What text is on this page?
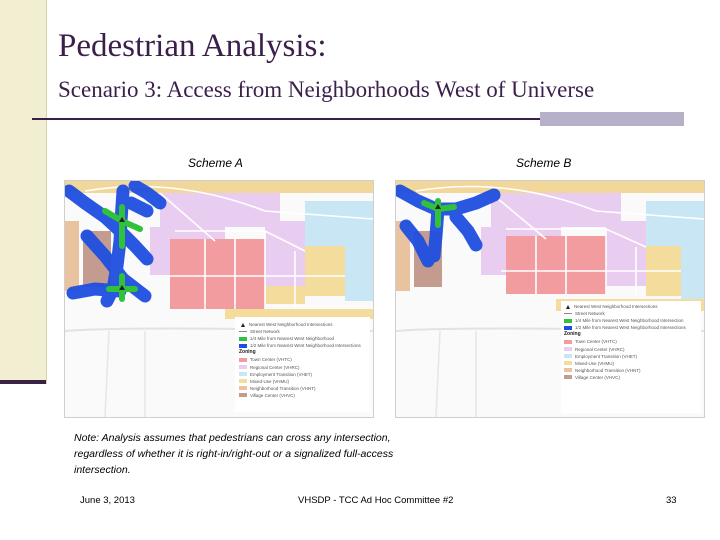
Pedestrian Analysis:
Scenario 3: Access from Neighborhoods West of Universe
Scheme A	Scheme B
Nearest West Neighborhood Intersections
Street Network
1/4 Mile from Nearest West Neighborhood
1/2 Mile from Nearest West Neighborhood Intersections
Zoning
Town Center (VHTC)
Regional Center (VHRC)
Employment Transition (VHET)
Mixed-Use (VHMU)
Neighborhood Transition (VHNT)
Village Center (VHVC)
Nearest West Neighborhood Intersections
Street Network
1/4 Mile from Nearest West Neighborhood Intersection
1/2 Mile from Nearest West Neighborhood Intersections
Zoning
Town Center (VHTC)
Regional Center (VHRC)
Employment Transition (VHET)
Mixed-Use (VHMU)
Neighborhood Transition (VHNT)
Village Center (VHVC)
Note: Analysis assumes that pedestrians can cross any intersection, regardless of whether it is right-in/right-out or a signalized full-access intersection.
June 3, 2013	VHSDP - TCC Ad Hoc Committee #2	33
